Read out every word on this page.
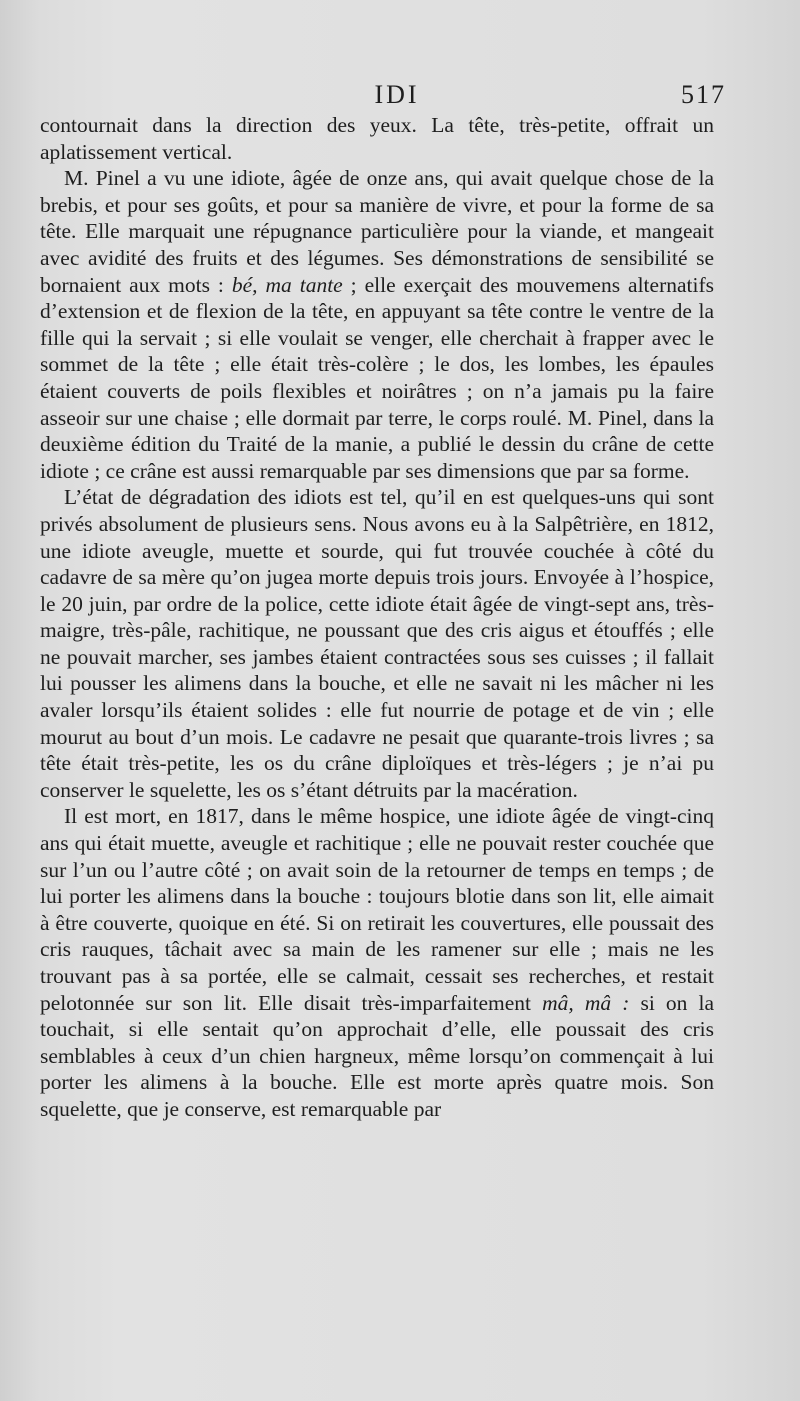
IDI	517

contournait dans la direction des yeux. La tête, très-petite, offrait un aplatissement vertical.

M. Pinel a vu une idiote, âgée de onze ans, qui avait quelque chose de la brebis, et pour ses goûts, et pour sa manière de vivre, et pour la forme de sa tête. Elle marquait une répugnance particulière pour la viande, et mangeait avec avidité des fruits et des légumes. Ses démonstrations de sensibilité se bornaient aux mots : bé, ma tante ; elle exerçait des mouvemens alternatifs d’extension et de flexion de la tête, en appuyant sa tête contre le ventre de la fille qui la servait ; si elle voulait se venger, elle cherchait à frapper avec le sommet de la tête ; elle était très-colère ; le dos, les lombes, les épaules étaient couverts de poils flexibles et noirâtres ; on n’a jamais pu la faire asseoir sur une chaise ; elle dormait par terre, le corps roulé. M. Pinel, dans la deuxième édition du Traité de la manie, a publié le dessin du crâne de cette idiote ; ce crâne est aussi remarquable par ses dimensions que par sa forme.

L’état de dégradation des idiots est tel, qu’il en est quelques-uns qui sont privés absolument de plusieurs sens. Nous avons eu à la Salpêtrière, en 1812, une idiote aveugle, muette et sourde, qui fut trouvée couchée à côté du cadavre de sa mère qu’on jugea morte depuis trois jours. Envoyée à l’hospice, le 20 juin, par ordre de la police, cette idiote était âgée de vingt-sept ans, très-maigre, très-pâle, rachitique, ne poussant que des cris aigus et étouffés ; elle ne pouvait marcher, ses jambes étaient contractées sous ses cuisses ; il fallait lui pousser les alimens dans la bouche, et elle ne savait ni les mâcher ni les avaler lorsqu’ils étaient solides : elle fut nourrie de potage et de vin ; elle mourut au bout d’un mois. Le cadavre ne pesait que quarante-trois livres ; sa tête était très-petite, les os du crâne diploïques et très-légers ; je n’ai pu conserver le squelette, les os s’étant détruits par la macération.

Il est mort, en 1817, dans le même hospice, une idiote âgée de vingt-cinq ans qui était muette, aveugle et rachitique ; elle ne pouvait rester couchée que sur l’un ou l’autre côté ; on avait soin de la retourner de temps en temps ; de lui porter les alimens dans la bouche : toujours blotie dans son lit, elle aimait à être couverte, quoique en été. Si on retirait les couvertures, elle poussait des cris rauques, tâchait avec sa main de les ramener sur elle ; mais ne les trouvant pas à sa portée, elle se calmait, cessait ses recherches, et restait pelotonnée sur son lit. Elle disait très-imparfaitement mâ, mâ : si on la touchait, si elle sentait qu’on approchait d’elle, elle poussait des cris semblables à ceux d’un chien hargneux, même lorsqu’on commençait à lui porter les alimens à la bouche. Elle est morte après quatre mois. Son squelette, que je conserve, est remarquable par
